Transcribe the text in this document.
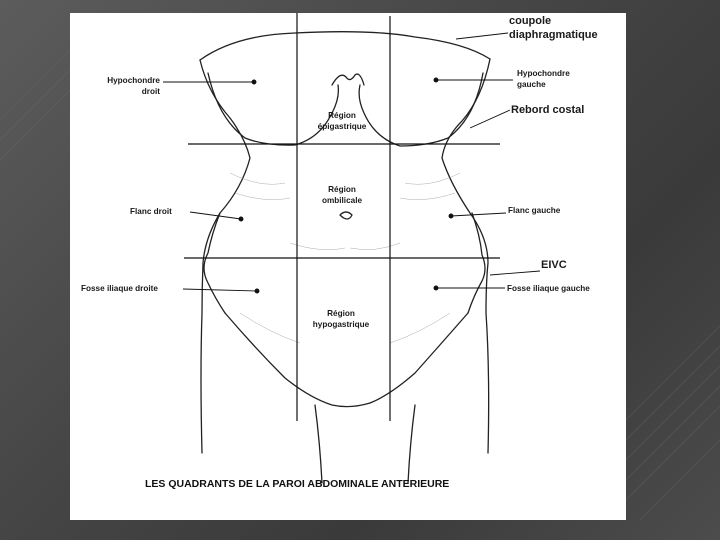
coupole
diaphragmatique
Hypochondre
droit
Hypochondre
gauche
Rebord costal
Région
épigastrique
Région
ombilicale
Flanc droit	Flanc gauche
EIVC
Fosse iliaque droite	Fosse iliaque gauche
Région
hypogastrique
LES QUADRANTS DE LA PAROI ABDOMINALE ANTERIEURE
